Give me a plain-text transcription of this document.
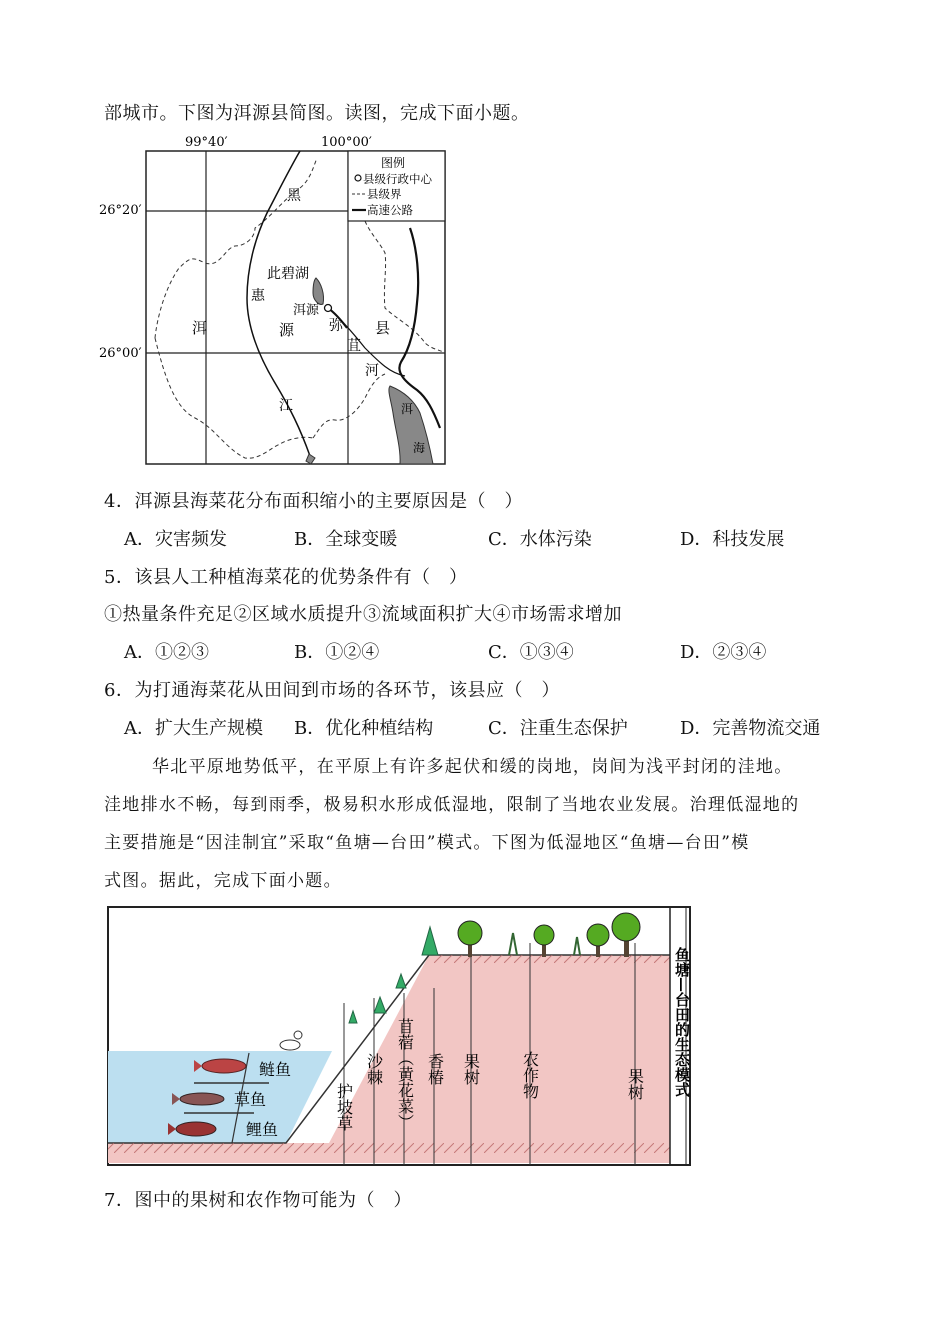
部城市。下图为洱源县简图。读图，完成下面小题。
99°40′	100°00′
26°20′
26°00′
图例
县级行政中心
县级界
高速公路
黑
此碧湖
惠
洱源
洱	源 弥 县
苴
河
江	洱
海
4．洱源县海菜花分布面积缩小的主要原因是（　）
A．灾害频发	B．全球变暖	C．水体污染	D．科技发展
5．该县人工种植海菜花的优势条件有（　）
①热量条件充足②区域水质提升③流域面积扩大④市场需求增加
A．①②③	B．①②④	C．①③④	D．②③④
6．为打通海菜花从田间到市场的各环节，该县应（　）
A．扩大生产规模 B．优化种植结构	C．注重生态保护	D．完善物流交通
华北平原地势低平，在平原上有许多起伏和缓的岗地，岗间为浅平封闭的洼地。
洼地排水不畅，每到雨季，极易积水形成低湿地，限制了当地农业发展。治理低湿地的
主要措施是“因洼制宜”采取“鱼塘—台田”模式。下图为低湿地区“鱼塘—台田”模
式图。据此，完成下面小题。
鲢鱼
草鱼
鲤鱼	护坡草
沙棘 苜蓿（黄花菜） 香椿 果树	农作物	果树 鱼塘—台田的生态模式
7．图中的果树和农作物可能为（　）
